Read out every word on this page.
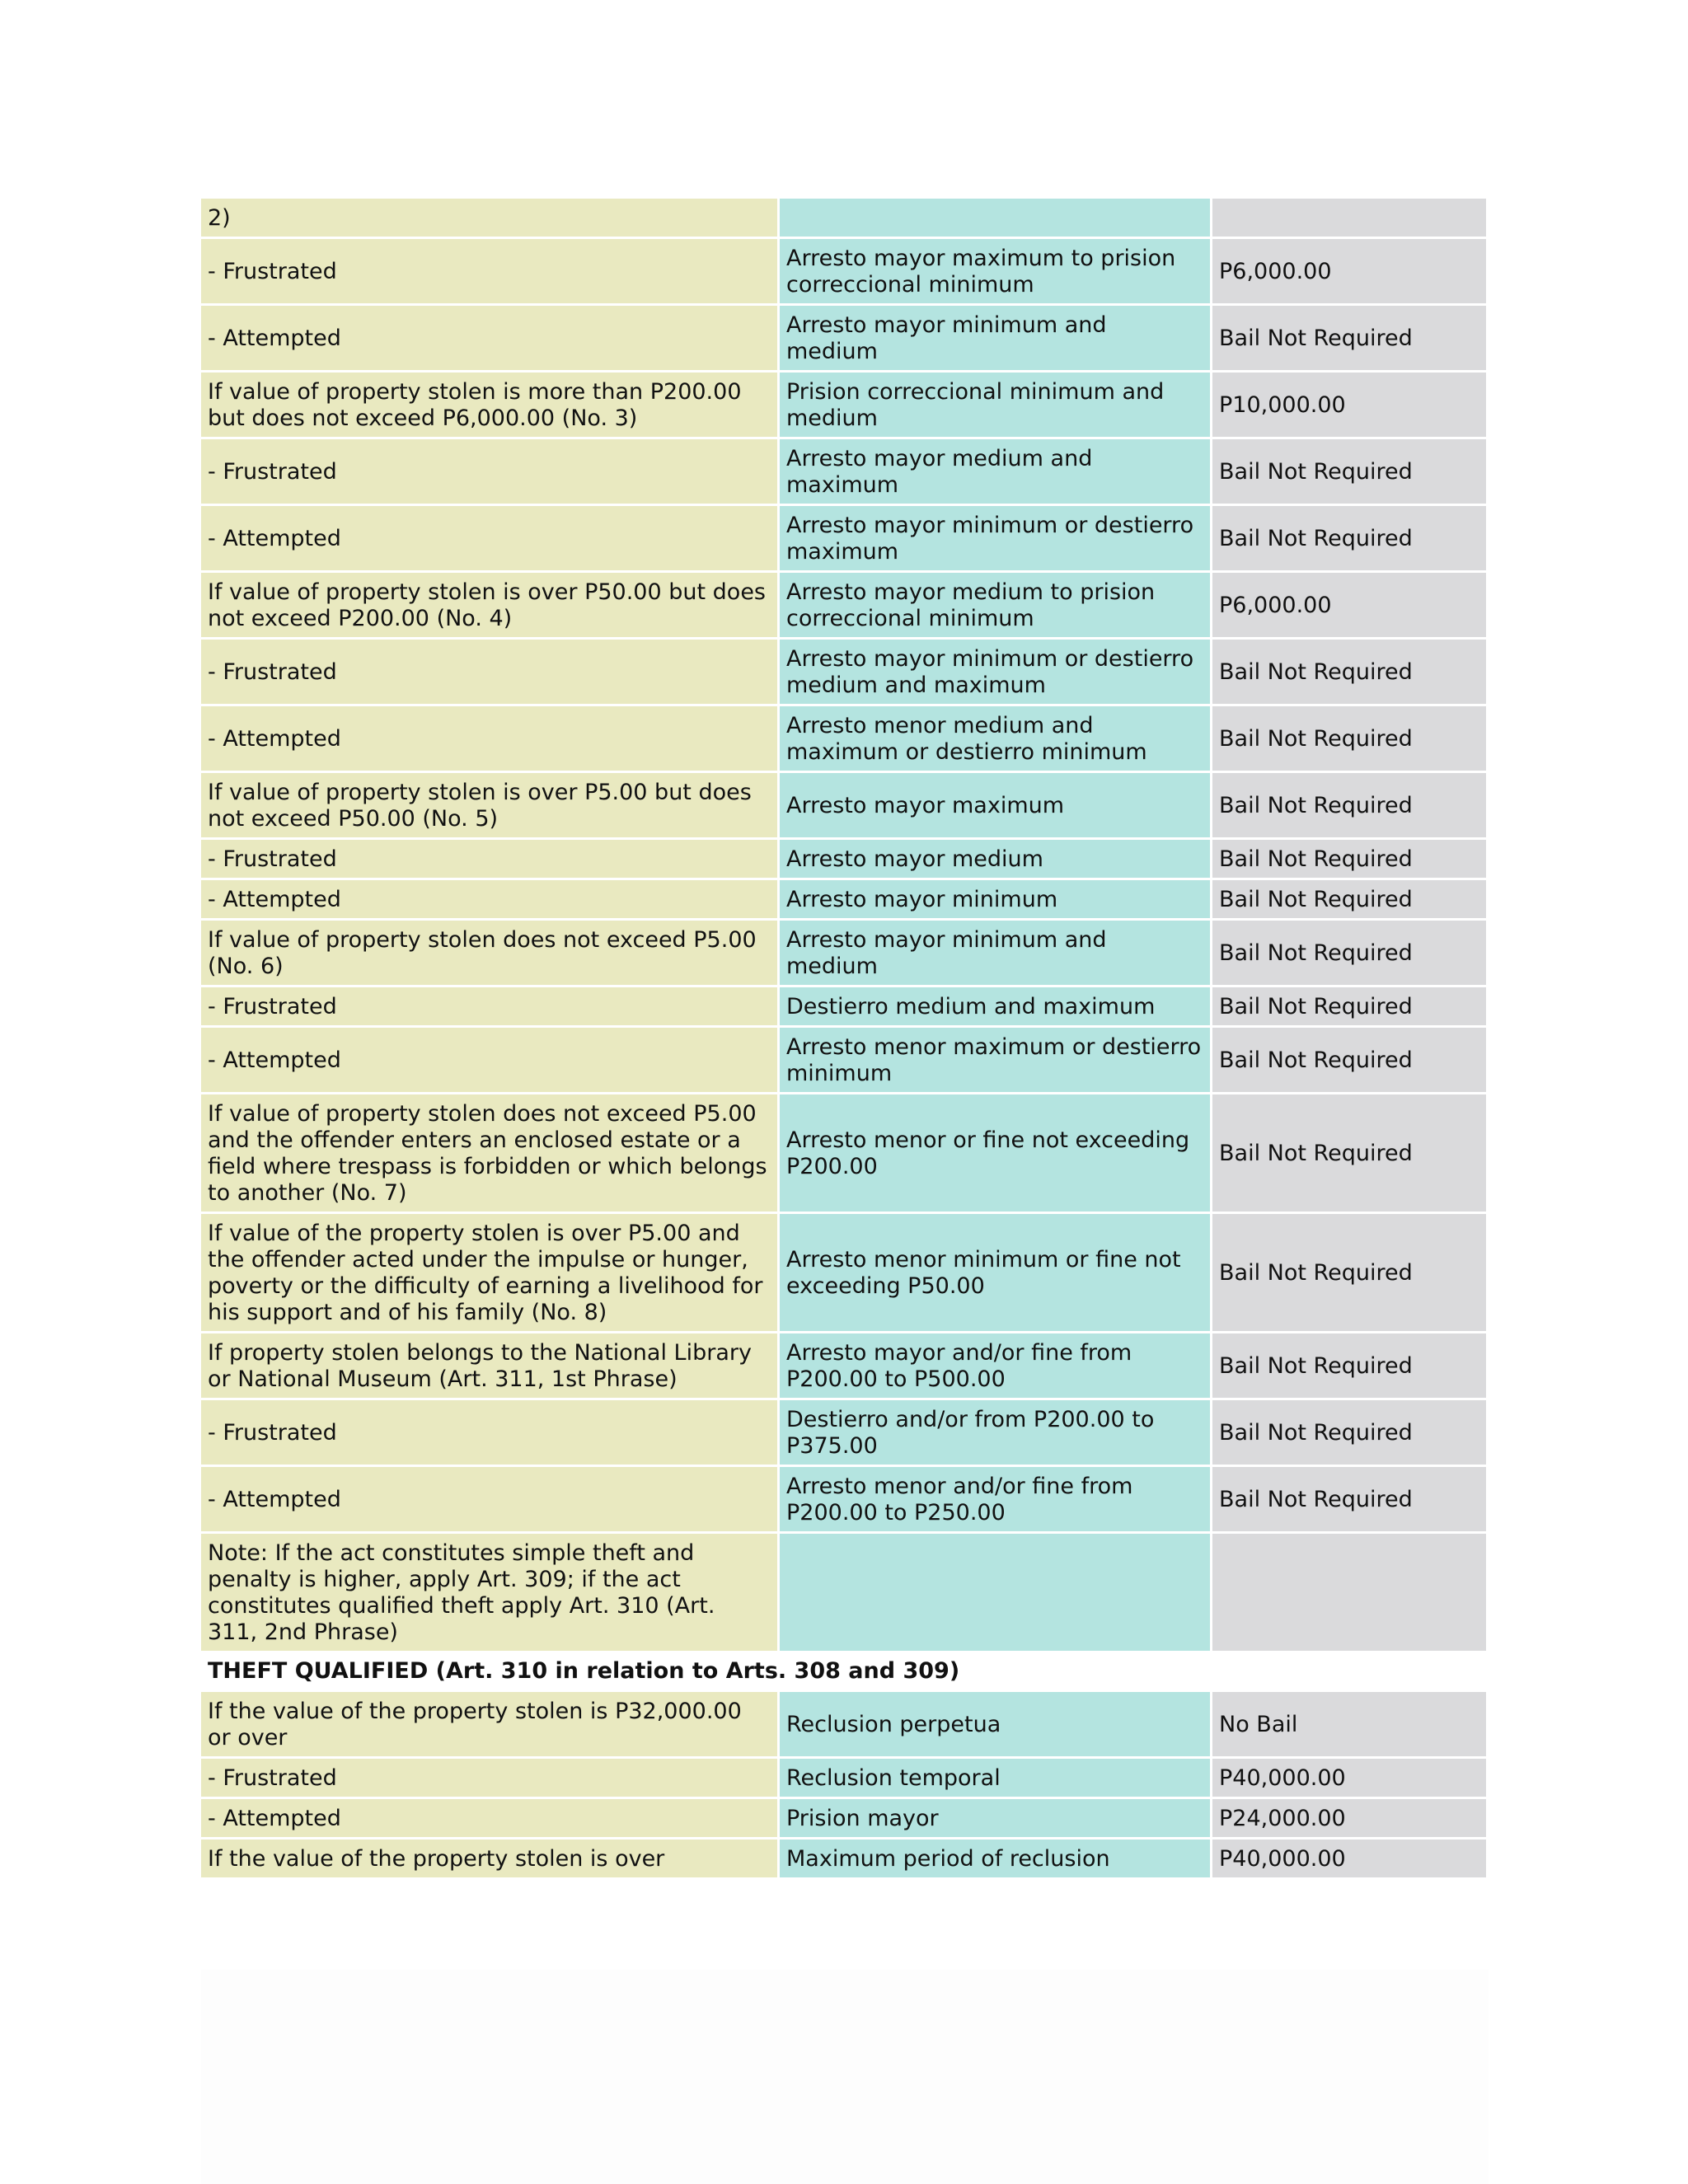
2)		
- Frustrated	Arresto mayor maximum to prision correccional minimum	P6,000.00
- Attempted	Arresto mayor minimum and medium	Bail Not Required
If value of property stolen is more than P200.00 but does not exceed P6,000.00 (No. 3)	Prision correccional minimum and medium	P10,000.00
- Frustrated	Arresto mayor medium and maximum	Bail Not Required
- Attempted	Arresto mayor minimum or destierro maximum	Bail Not Required
If value of property stolen is over P50.00 but does not exceed P200.00 (No. 4)	Arresto mayor medium to prision correccional minimum	P6,000.00
- Frustrated	Arresto mayor minimum or destierro medium and maximum	Bail Not Required
- Attempted	Arresto menor medium and maximum or destierro minimum	Bail Not Required
If value of property stolen is over P5.00 but does not exceed P50.00 (No. 5)	Arresto mayor maximum	Bail Not Required
- Frustrated	Arresto mayor medium	Bail Not Required
- Attempted	Arresto mayor minimum	Bail Not Required
If value of property stolen does not exceed P5.00 (No. 6)	Arresto mayor minimum and medium	Bail Not Required
- Frustrated	Destierro medium and maximum	Bail Not Required
- Attempted	Arresto menor maximum or destierro minimum	Bail Not Required
If value of property stolen does not exceed P5.00 and the offender enters an enclosed estate or a field where trespass is forbidden or which belongs to another (No. 7)	Arresto menor or fine not exceeding P200.00	Bail Not Required
If value of the property stolen is over P5.00 and the offender acted under the impulse or hunger, poverty or the difficulty of earning a livelihood for his support and of his family (No. 8)	Arresto menor minimum or fine not exceeding P50.00	Bail Not Required
If property stolen belongs to the National Library or National Museum (Art. 311, 1st Phrase)	Arresto mayor and/or fine from P200.00 to P500.00	Bail Not Required
- Frustrated	Destierro and/or from P200.00 to P375.00	Bail Not Required
- Attempted	Arresto menor and/or fine from P200.00 to P250.00	Bail Not Required
Note: If the act constitutes simple theft and penalty is higher, apply Art. 309; if the act constitutes qualified theft apply Art. 310 (Art. 311, 2nd Phrase)		
THEFT QUALIFIED (Art. 310 in relation to Arts. 308 and 309)		
If the value of the property stolen is P32,000.00 or over	Reclusion perpetua	No Bail
- Frustrated	Reclusion temporal	P40,000.00
- Attempted	Prision mayor	P24,000.00
If the value of the property stolen is over	Maximum period of reclusion	P40,000.00
